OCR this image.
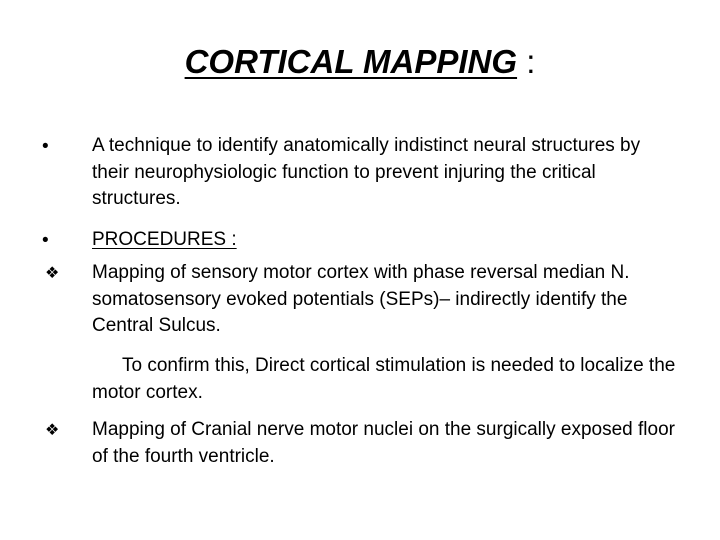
CORTICAL MAPPING :
•	A technique to identify anatomically indistinct neural structures by their neurophysiologic function to prevent injuring the critical structures.
•	PROCEDURES :
❖	Mapping of sensory motor cortex with phase reversal median N. somatosensory evoked potentials (SEPs)– indirectly identify the Central Sulcus.
To confirm this, Direct cortical stimulation is needed to localize the motor cortex.
❖	Mapping of Cranial nerve motor nuclei on the surgically exposed floor of the fourth ventricle.
